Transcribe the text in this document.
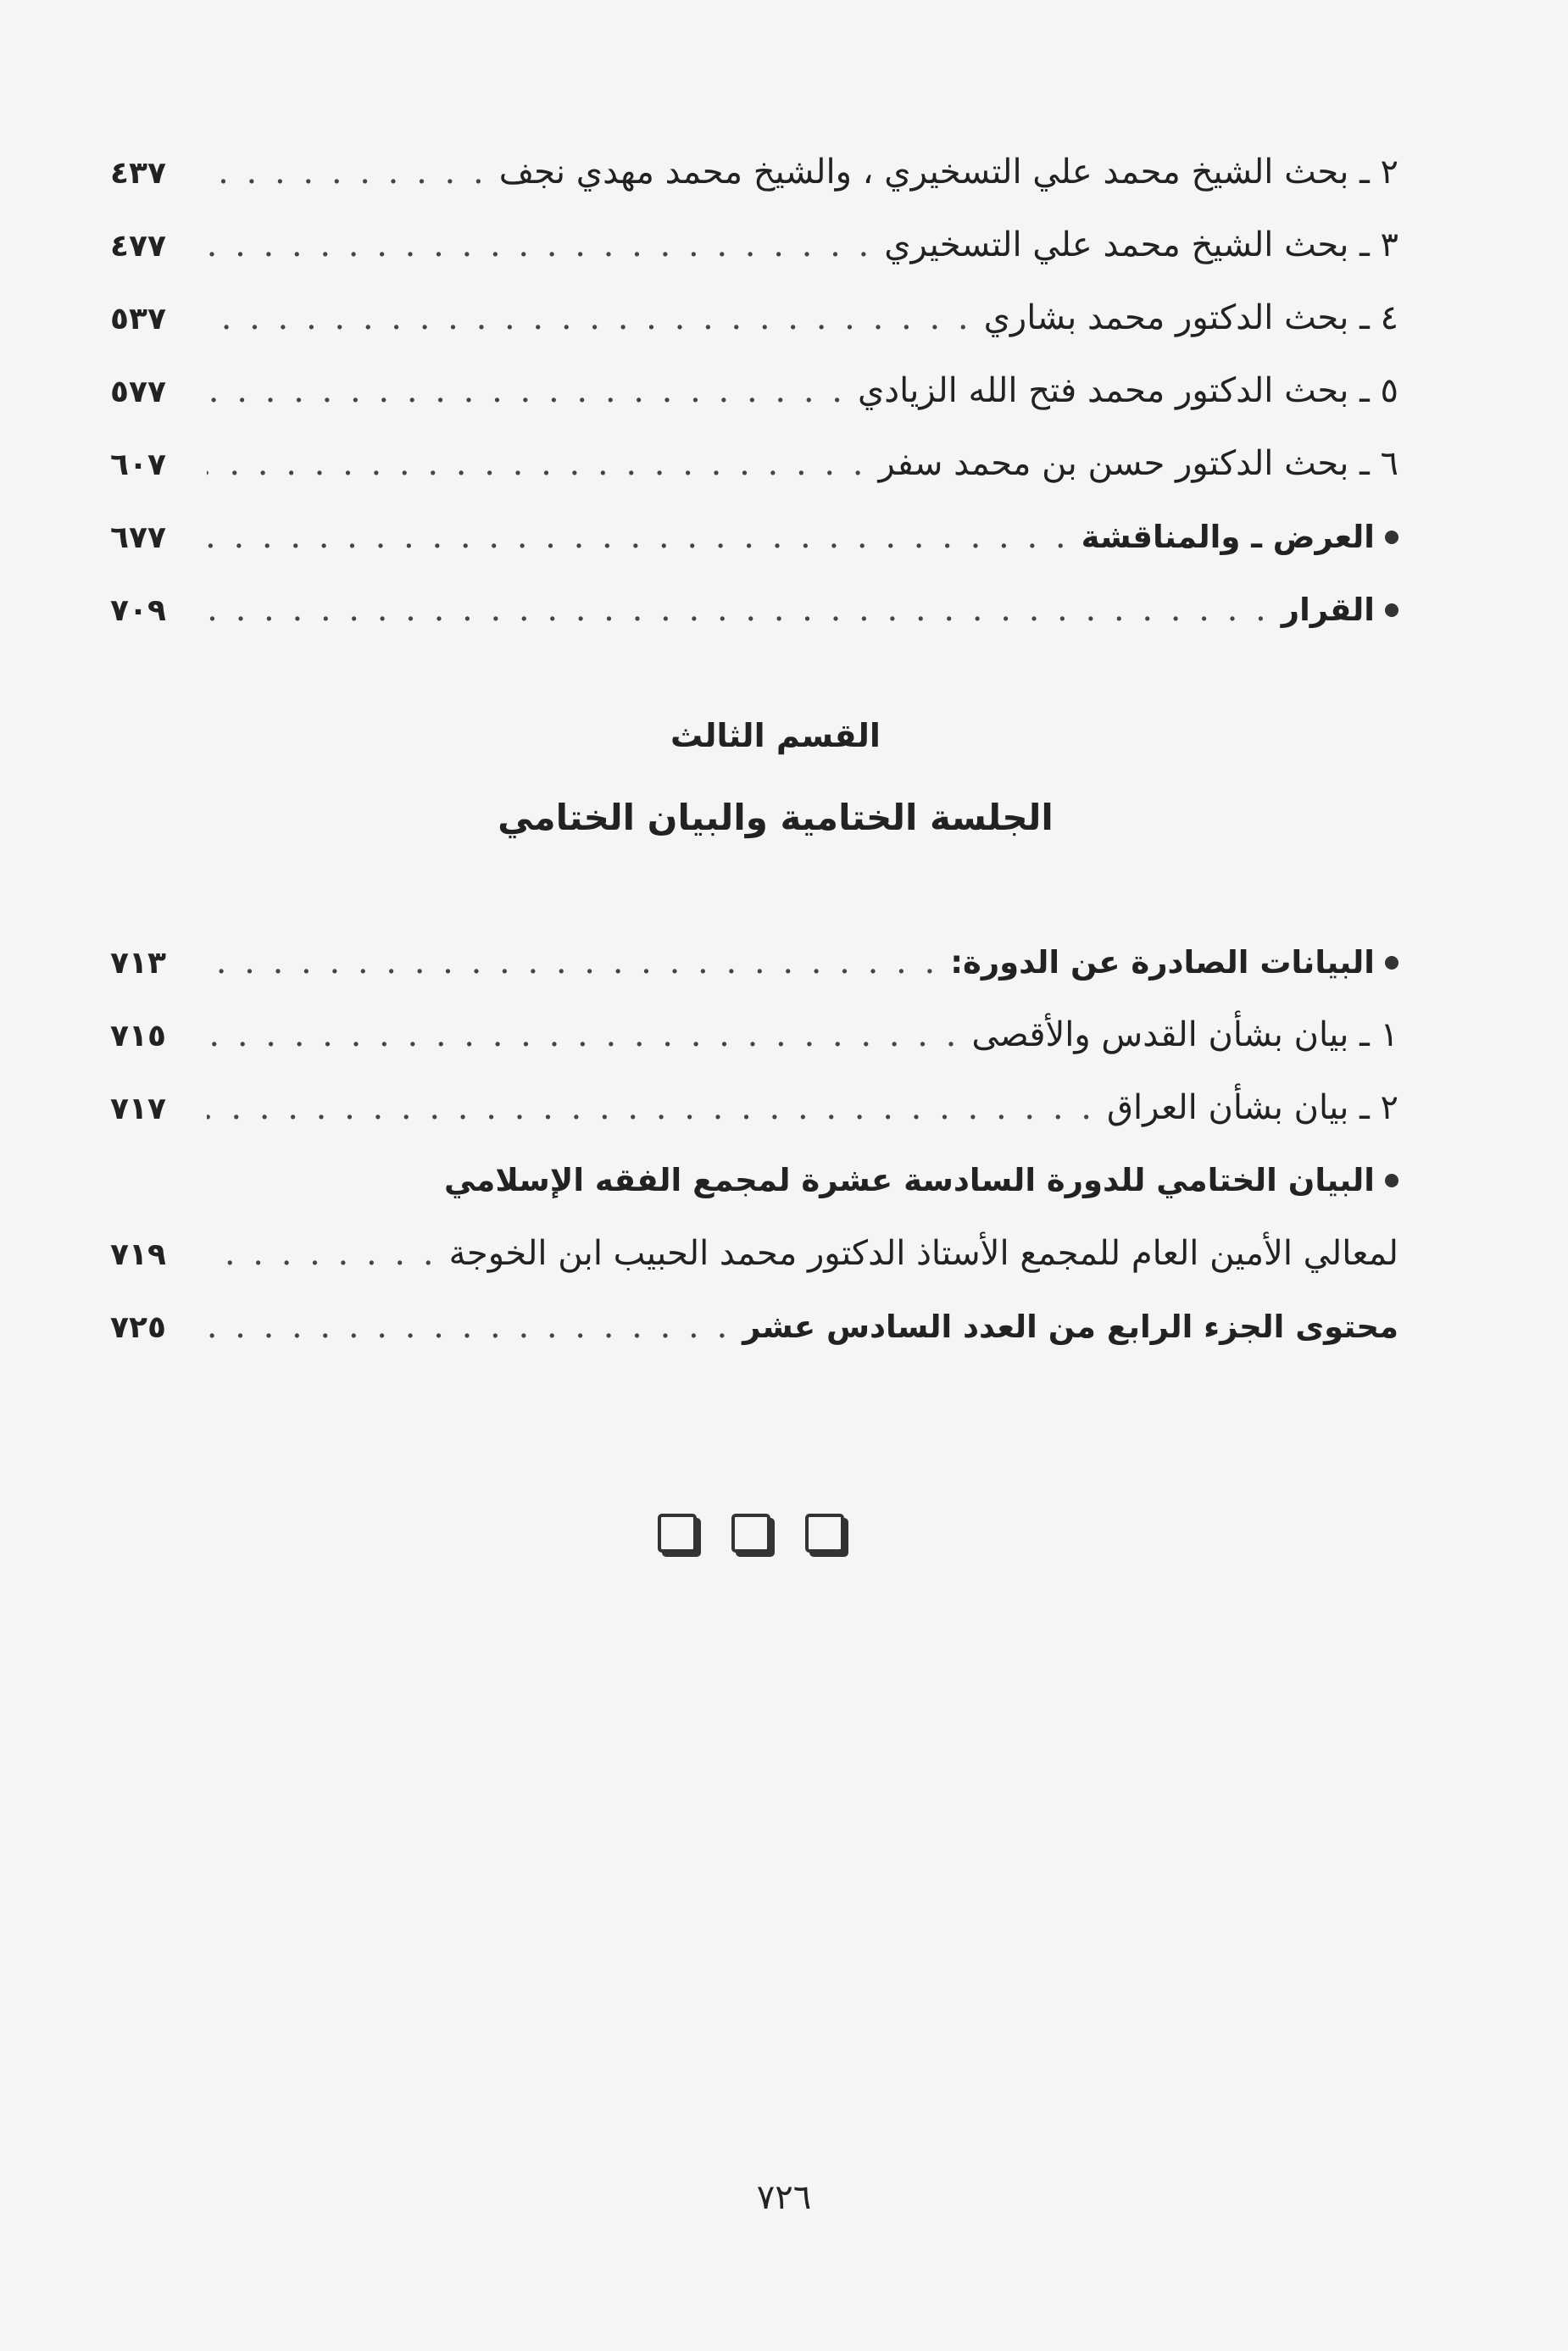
٢ ـ بحث الشيخ محمد علي التسخيري ، والشيخ محمد مهدي نجف
. . .
٤٣٧
٣ ـ بحث الشيخ محمد علي التسخيري
. . .
٤٧٧
٤ ـ بحث الدكتور محمد بشاري
. . .
٥٣٧
٥ ـ بحث الدكتور محمد فتح الله الزيادي
. . .
٥٧٧
٦ ـ بحث الدكتور حسن بن محمد سفر
. . .
٦٠٧
العرض ـ والمناقشة
. . .
٦٧٧
القرار
. . .
٧٠٩
القسم الثالث
الجلسة الختامية والبيان الختامي
البيانات الصادرة عن الدورة:
. . .
٧١٣
١ ـ بيان بشأن القدس والأقصى
. . .
٧١٥
٢ ـ بيان بشأن العراق
. . .
٧١٧
البيان الختامي للدورة السادسة عشرة لمجمع الفقه الإسلامي
لمعالي الأمين العام للمجمع الأستاذ الدكتور محمد الحبيب ابن الخوجة
. . .
٧١٩
محتوى الجزء الرابع من العدد السادس عشر
. . .
٧٢٥
٧٢٦
